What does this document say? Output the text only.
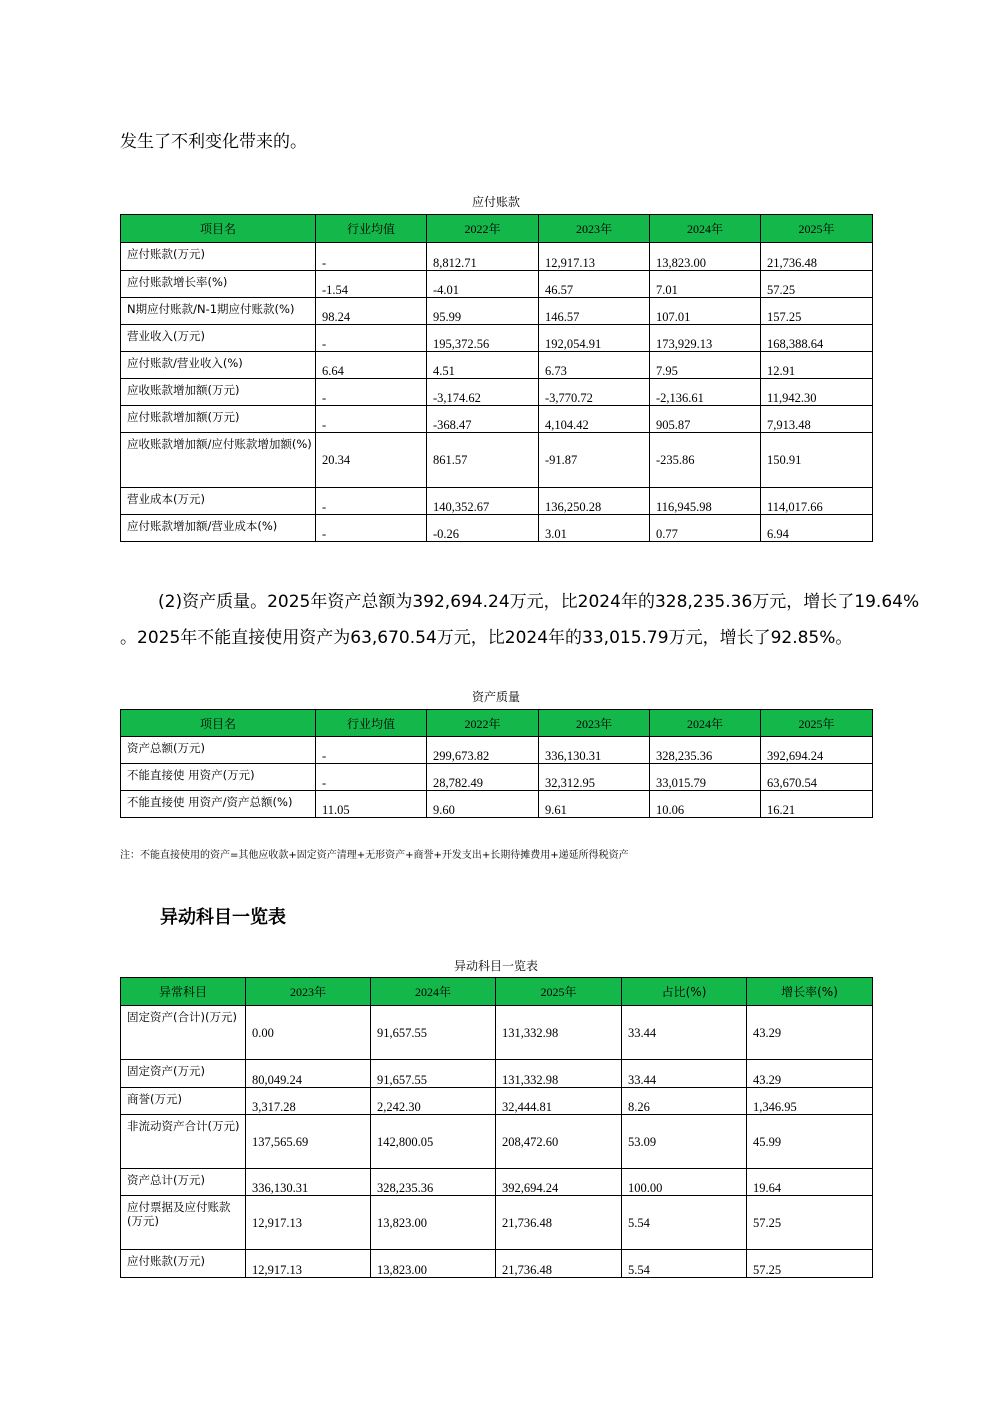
发生了不利变化带来的。
应付账款
项目名	行业均值	2022年	2023年	2024年	2025年
应付账款(万元)	-	8,812.71	12,917.13	13,823.00	21,736.48
应付账款增长率(%)	-1.54	-4.01	46.57	7.01	57.25
N期应付账款/N-1期应付账款(%)	98.24	95.99	146.57	107.01	157.25
营业收入(万元)	-	195,372.56	192,054.91	173,929.13	168,388.64
应付账款/营业收入(%)	6.64	4.51	6.73	7.95	12.91
应收账款增加额(万元)	-	-3,174.62	-3,770.72	-2,136.61	11,942.30
应付账款增加额(万元)	-	-368.47	4,104.42	905.87	7,913.48
应收账款增加额/应付账款增加额(%)	20.34	861.57	-91.87	-235.86	150.91
营业成本(万元)	-	140,352.67	136,250.28	116,945.98	114,017.66
应付账款增加额/营业成本(%)	-	-0.26	3.01	0.77	6.94
(2)资产质量。2025年资产总额为392,694.24万元，比2024年的328,235.36万元，增长了19.64%
。2025年不能直接使用资产为63,670.54万元，比2024年的33,015.79万元，增长了92.85%。
资产质量
项目名	行业均值	2022年	2023年	2024年	2025年
资产总额(万元)	-	299,673.82	336,130.31	328,235.36	392,694.24
不能直接使 用资产(万元)	-	28,782.49	32,312.95	33,015.79	63,670.54
不能直接使 用资产/资产总额(%)	11.05	9.60	9.61	10.06	16.21
注：不能直接使用的资产=其他应收款+固定资产清理+无形资产+商誉+开发支出+长期待摊费用+递延所得税资产
异动科目一览表
异动科目一览表
异常科目	2023年	2024年	2025年	占比(%)	增长率(%)
固定资产(合计)(万元)	0.00	91,657.55	131,332.98	33.44	43.29
固定资产(万元)	80,049.24	91,657.55	131,332.98	33.44	43.29
商誉(万元)	3,317.28	2,242.30	32,444.81	8.26	1,346.95
非流动资产合计(万元)	137,565.69	142,800.05	208,472.60	53.09	45.99
资产总计(万元)	336,130.31	328,235.36	392,694.24	100.00	19.64
应付票据及应付账款(万元)	12,917.13	13,823.00	21,736.48	5.54	57.25
应付账款(万元)	12,917.13	13,823.00	21,736.48	5.54	57.25
